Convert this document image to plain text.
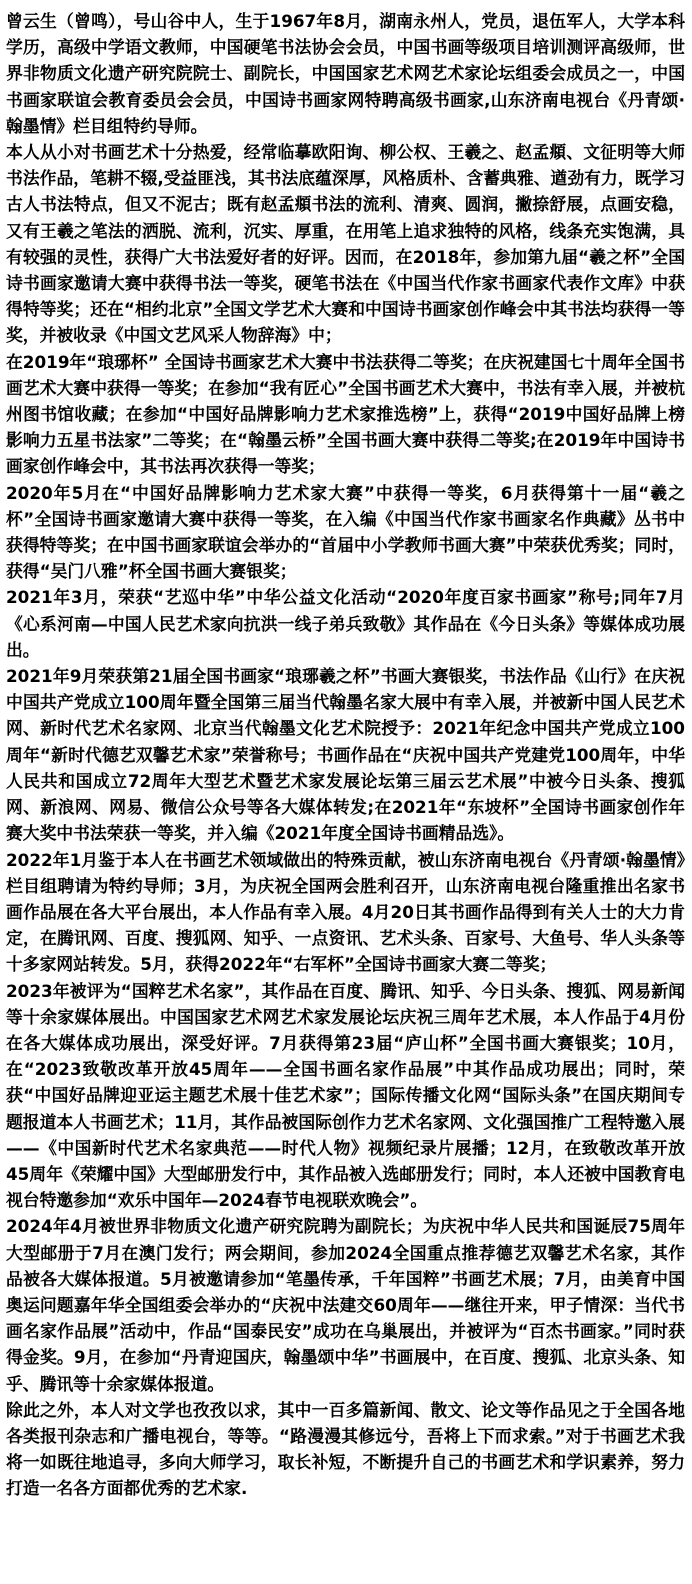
曾云生（曾鸣），号山谷中人，生于1967年8月，湖南永州人，党员，退伍军人，大学本科学历，高级中学语文教师，中国硬笔书法协会会员，中国书画等级项目培训测评高级师，世界非物质文化遗产研究院院士、副院长，中国国家艺术网艺术家论坛组委会成员之一，中国书画家联谊会教育委员会会员，中国诗书画家网特聘高级书画家,山东济南电视台《丹青颂·翰墨情》栏目组特约导师。

本人从小对书画艺术十分热爱，经常临摹欧阳询、柳公权、王羲之、赵孟頫、文征明等大师书法作品，笔耕不辍,受益匪浅，其书法底蕴深厚，风格质朴、含蓄典雅、遒劲有力，既学习古人书法特点，但又不泥古；既有赵孟頫书法的流利、清爽、圆润，撇捺舒展，点画安稳，又有王羲之笔法的洒脱、流利，沉实、厚重，在用笔上追求独特的风格，线条充实饱满，具有较强的灵性，获得广大书法爱好者的好评。因而，在2018年，参加第九届“羲之杯”全国诗书画家邀请大赛中获得书法一等奖，硬笔书法在《中国当代作家书画家代表作文库》中获得特等奖；还在“相约北京”全国文学艺术大赛和中国诗书画家创作峰会中其书法均获得一等奖，并被收录《中国文艺风采人物辞海》中；

在2019年“琅琊杯” 全国诗书画家艺术大赛中书法获得二等奖；在庆祝建国七十周年全国书画艺术大赛中获得一等奖；在参加“我有匠心”全国书画艺术大赛中，书法有幸入展，并被杭州图书馆收藏；在参加“中国好品牌影响力艺术家推选榜”上，获得“2019中国好品牌上榜影响力五星书法家”二等奖；在“翰墨云桥”全国书画大赛中获得二等奖;在2019年中国诗书画家创作峰会中，其书法再次获得一等奖；

2020年5月在“中国好品牌影响力艺术家大赛”中获得一等奖，6月获得第十一届“羲之杯”全国诗书画家邀请大赛中获得一等奖，在入编《中国当代作家书画家名作典藏》丛书中获得特等奖；在中国书画家联谊会举办的“首届中小学教师书画大赛”中荣获优秀奖；同时，获得“吴门八雅”杯全国书画大赛银奖；

2021年3月，荣获“艺巡中华”中华公益文化活动“2020年度百家书画家”称号;同年7月《心系河南—中国人民艺术家向抗洪一线子弟兵致敬》其作品在《今日头条》等媒体成功展出。

2021年9月荣获第21届全国书画家“琅琊羲之杯”书画大赛银奖，书法作品《山行》在庆祝中国共产党成立100周年暨全国第三届当代翰墨名家大展中有幸入展，并被新中国人民艺术网、新时代艺术名家网、北京当代翰墨文化艺术院授予：2021年纪念中国共产党成立100周年“新时代德艺双馨艺术家”荣誉称号；书画作品在“庆祝中国共产党建党100周年，中华人民共和国成立72周年大型艺术暨艺术家发展论坛第三届云艺术展”中被今日头条、搜狐网、新浪网、网易、微信公众号等各大媒体转发;在2021年“东坡杯”全国诗书画家创作年赛大奖中书法荣获一等奖，并入编《2021年度全国诗书画精品选》。

2022年1月鉴于本人在书画艺术领域做出的特殊贡献，被山东济南电视台《丹青颂·翰墨情》栏目组聘请为特约导师；3月，为庆祝全国两会胜利召开，山东济南电视台隆重推出名家书画作品展在各大平台展出，本人作品有幸入展。4月20日其书画作品得到有关人士的大力肯定，在腾讯网、百度、搜狐网、知乎、一点资讯、艺术头条、百家号、大鱼号、华人头条等十多家网站转发。5月，获得2022年“右军杯”全国诗书画家大赛二等奖；

2023年被评为“国粹艺术名家”，其作品在百度、腾讯、知乎、今日头条、搜狐、网易新闻等十余家媒体展出。中国国家艺术网艺术家发展论坛庆祝三周年艺术展，本人作品于4月份在各大媒体成功展出，深受好评。7月获得第23届“庐山杯”全国书画大赛银奖；10月，在“2023致敬改革开放45周年——全国书画名家作品展”中其作品成功展出；同时，荣获“中国好品牌迎亚运主题艺术展十佳艺术家”；国际传播文化网“国际头条”在国庆期间专题报道本人书画艺术；11月，其作品被国际创作力艺术名家网、文化强国推广工程特邀入展——《中国新时代艺术名家典范——时代人物》视频纪录片展播；12月，在致敬改革开放45周年《荣耀中国》大型邮册发行中，其作品被入选邮册发行；同时，本人还被中国教育电视台特邀参加“欢乐中国年—2024春节电视联欢晚会”。

2024年4月被世界非物质文化遗产研究院聘为副院长；为庆祝中华人民共和国诞辰75周年大型邮册于7月在澳门发行；两会期间，参加2024全国重点推荐德艺双馨艺术名家，其作品被各大媒体报道。5月被邀请参加“笔墨传承，千年国粹”书画艺术展；7月，由美育中国奥运问题嘉年华全国组委会举办的“庆祝中法建交60周年——继往开来，甲子情深：当代书画名家作品展”活动中，作品“国泰民安”成功在乌巢展出，并被评为“百杰书画家。”同时获得金奖。9月，在参加“丹青迎国庆，翰墨颂中华”书画展中，在百度、搜狐、北京头条、知乎、腾讯等十余家媒体报道。

除此之外，本人对文学也孜孜以求，其中一百多篇新闻、散文、论文等作品见之于全国各地各类报刊杂志和广播电视台，等等。“路漫漫其修远兮，吾将上下而求索。”对于书画艺术我将一如既往地追寻，多向大师学习，取长补短，不断提升自己的书画艺术和学识素养，努力打造一名各方面都优秀的艺术家.
